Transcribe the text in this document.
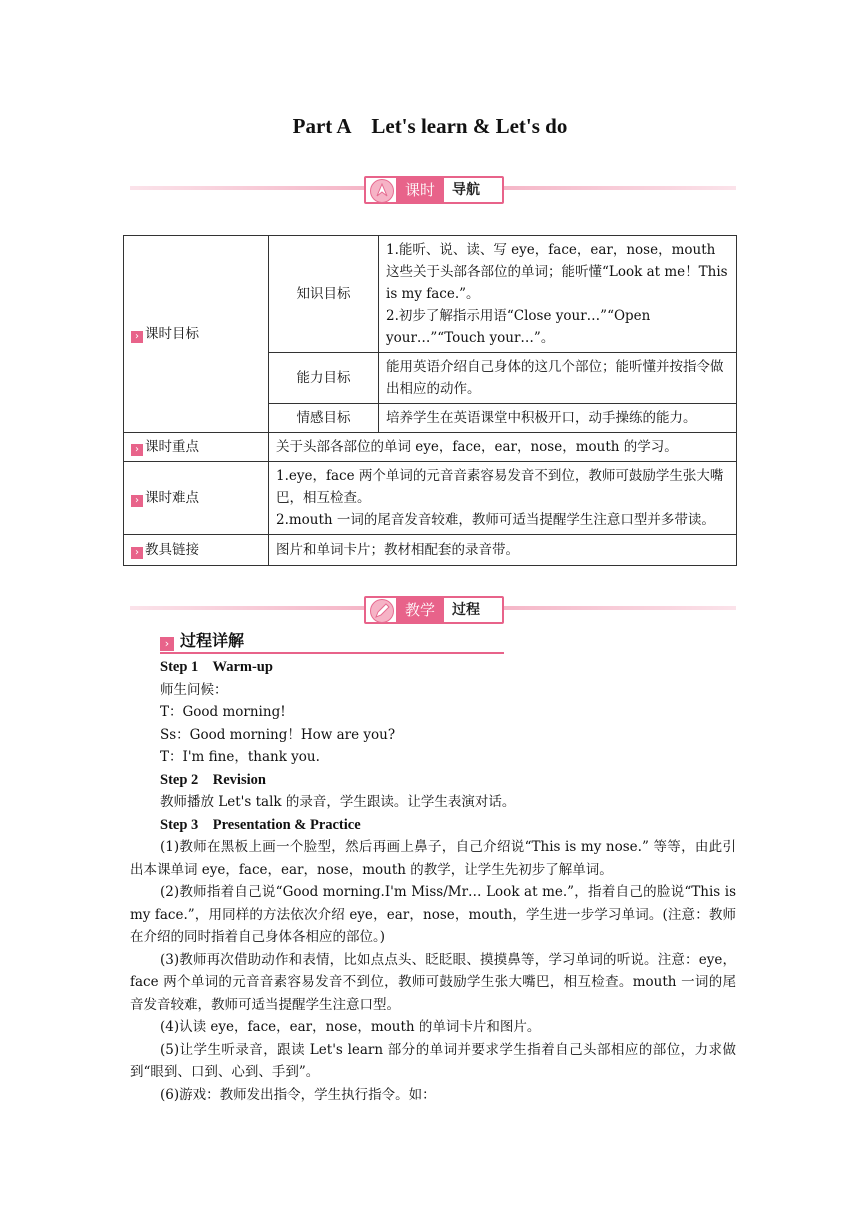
Part A    Let's learn & Let's do
课时	导航
› 课时目标	知识目标	1.能听、说、读、写 eye，face，ear，nose，mouth 这些关于头部各部位的单词；能听懂“Look at me！This is my face.”。
2.初步了解指示用语“Close your…”“Open your…”“Touch your…”。

	能力目标	能用英语介绍自己身体的这几个部位；能听懂并按指令做出相应的动作。
	情感目标	培养学生在英语课堂中积极开口，动手操练的能力。
› 课时重点	关于头部各部位的单词 eye，face，ear，nose，mouth 的学习。	
› 课时难点	1.eye，face 两个单词的元音音素容易发音不到位，教师可鼓励学生张大嘴巴，相互检查。
2.mouth 一词的尾音发音较难，教师可适当提醒学生注意口型并多带读。	

› 教具链接	图片和单词卡片；教材相配套的录音带。	
教学	过程
› 过程详解

Step 1    Warm-up

师生问候：

T：Good morning!

Ss：Good morning！How are you?

T：I'm fine，thank you.

Step 2    Revision

教师播放 Let's talk 的录音，学生跟读。让学生表演对话。

Step 3    Presentation & Practice

(1)教师在黑板上画一个脸型，然后再画上鼻子，自己介绍说“This is my nose.” 等等，由此引出本课单词 eye，face，ear，nose，mouth 的教学，让学生先初步了解单词。

(2)教师指着自己说“Good morning.I'm Miss/Mr… Look at me.”，指着自己的脸说“This is my face.”，用同样的方法依次介绍 eye，ear，nose，mouth，学生进一步学习单词。(注意：教师在介绍的同时指着自己身体各相应的部位。)

(3)教师再次借助动作和表情，比如点点头、眨眨眼、摸摸鼻等，学习单词的听说。注意：eye，face 两个单词的元音音素容易发音不到位，教师可鼓励学生张大嘴巴，相互检查。mouth 一词的尾音发音较难，教师可适当提醒学生注意口型。

(4)认读 eye，face，ear，nose，mouth 的单词卡片和图片。

(5)让学生听录音，跟读 Let's learn 部分的单词并要求学生指着自己头部相应的部位，力求做到“眼到、口到、心到、手到”。

(6)游戏：教师发出指令，学生执行指令。如：
